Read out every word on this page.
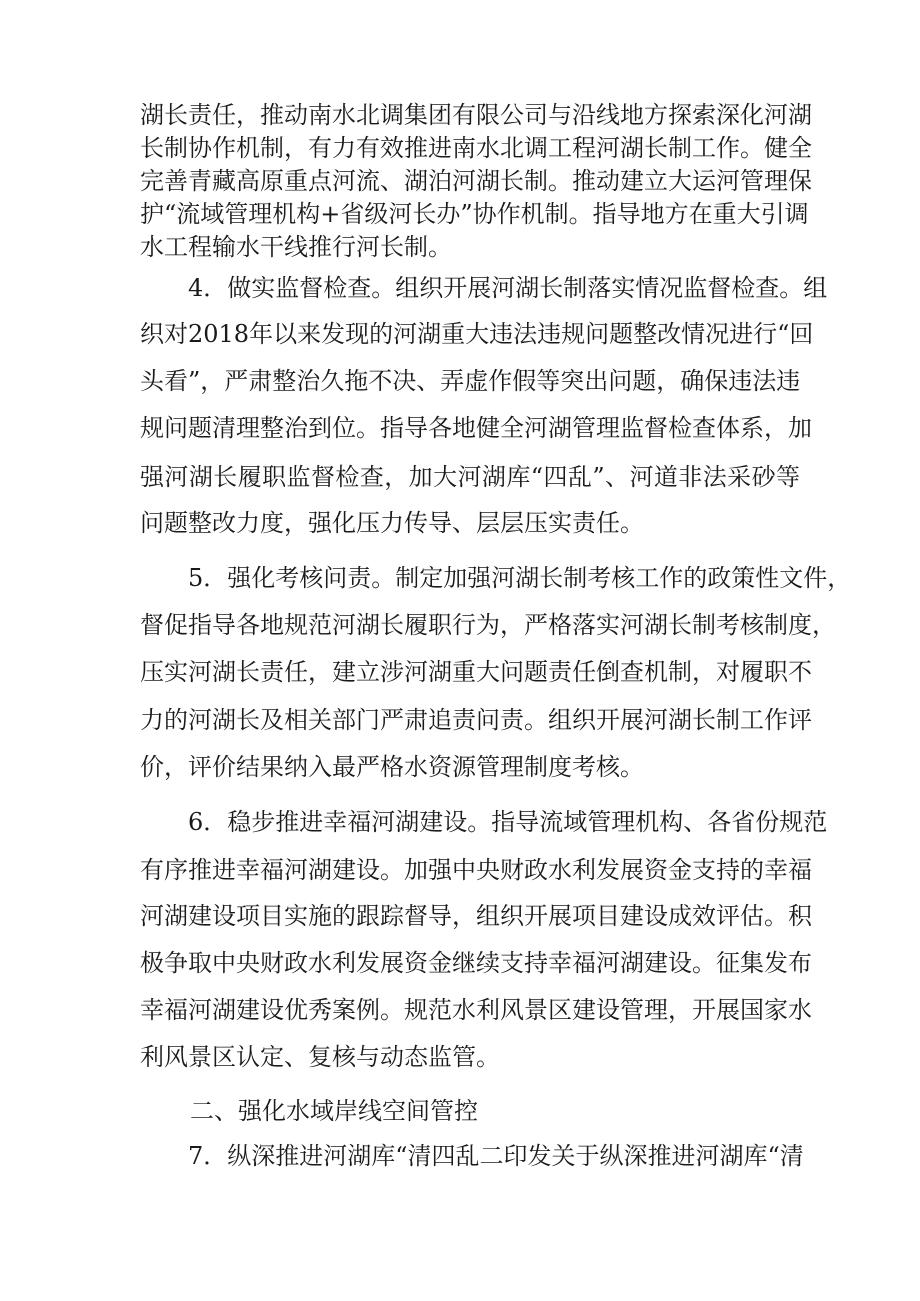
湖长责任，推动南水北调集团有限公司与沿线地方探索深化河湖
长制协作机制，有力有效推进南水北调工程河湖长制工作。健全
完善青藏高原重点河流、湖泊河湖长制。推动建立大运河管理保
护“流域管理机构+省级河长办”协作机制。指导地方在重大引调
水工程输水干线推行河长制。
4．做实监督检查。组织开展河湖长制落实情况监督检查。组
织对2018年以来发现的河湖重大违法违规问题整改情况进行“回
头看”，严肃整治久拖不决、弄虚作假等突出问题，确保违法违
规问题清理整治到位。指导各地健全河湖管理监督检查体系，加
强河湖长履职监督检查，加大河湖库“四乱”、河道非法采砂等
问题整改力度，强化压力传导、层层压实责任。
5．强化考核问责。制定加强河湖长制考核工作的政策性文件，
督促指导各地规范河湖长履职行为，严格落实河湖长制考核制度，
压实河湖长责任，建立涉河湖重大问题责任倒查机制，对履职不
力的河湖长及相关部门严肃追责问责。组织开展河湖长制工作评
价，评价结果纳入最严格水资源管理制度考核。
6．稳步推进幸福河湖建设。指导流域管理机构、各省份规范
有序推进幸福河湖建设。加强中央财政水利发展资金支持的幸福
河湖建设项目实施的跟踪督导，组织开展项目建设成效评估。积
极争取中央财政水利发展资金继续支持幸福河湖建设。征集发布
幸福河湖建设优秀案例。规范水利风景区建设管理，开展国家水
利风景区认定、复核与动态监管。
二、强化水域岸线空间管控
7．纵深推进河湖库“清四乱二印发关于纵深推进河湖库“清
